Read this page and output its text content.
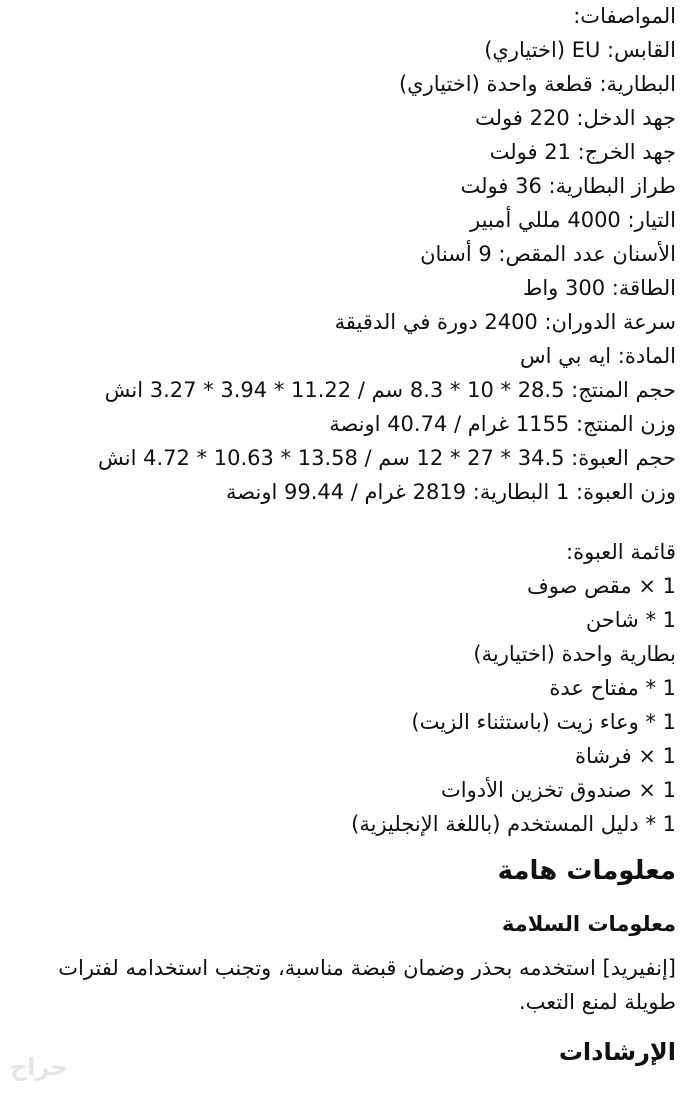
المواصفات:
القابس: EU (اختياري)
البطارية: قطعة واحدة (اختياري)
جهد الدخل: 220 فولت
جهد الخرج: 21 فولت
طراز البطارية: 36 فولت
التيار: 4000 مللي أمبير
الأسنان عدد المقص: 9 أسنان
الطاقة: 300 واط
سرعة الدوران: 2400 دورة في الدقيقة
المادة: ايه بي اس
حجم المنتج: 28.5 * 10 * 8.3 سم / 11.22 * 3.94 * 3.27 انش
وزن المنتج: 1155 غرام / 40.74 اونصة
حجم العبوة: 34.5 * 27 * 12 سم / 13.58 * 10.63 * 4.72 انش
وزن العبوة: 1 البطارية: 2819 غرام / 99.44 اونصة
قائمة العبوة:
1 × مقص صوف
1 * شاحن
بطارية واحدة (اختيارية)
1 * مفتاح عدة
1 * وعاء زيت (باستثناء الزيت)
1 × فرشاة
1 × صندوق تخزين الأدوات
1 * دليل المستخدم (باللغة الإنجليزية)
معلومات هامة
معلومات السلامة
[إنفيريد] استخدمه بحذر وضمان قبضة مناسبة، وتجنب استخدامه لفترات طويلة لمنع التعب.
الإرشادات
حراج
